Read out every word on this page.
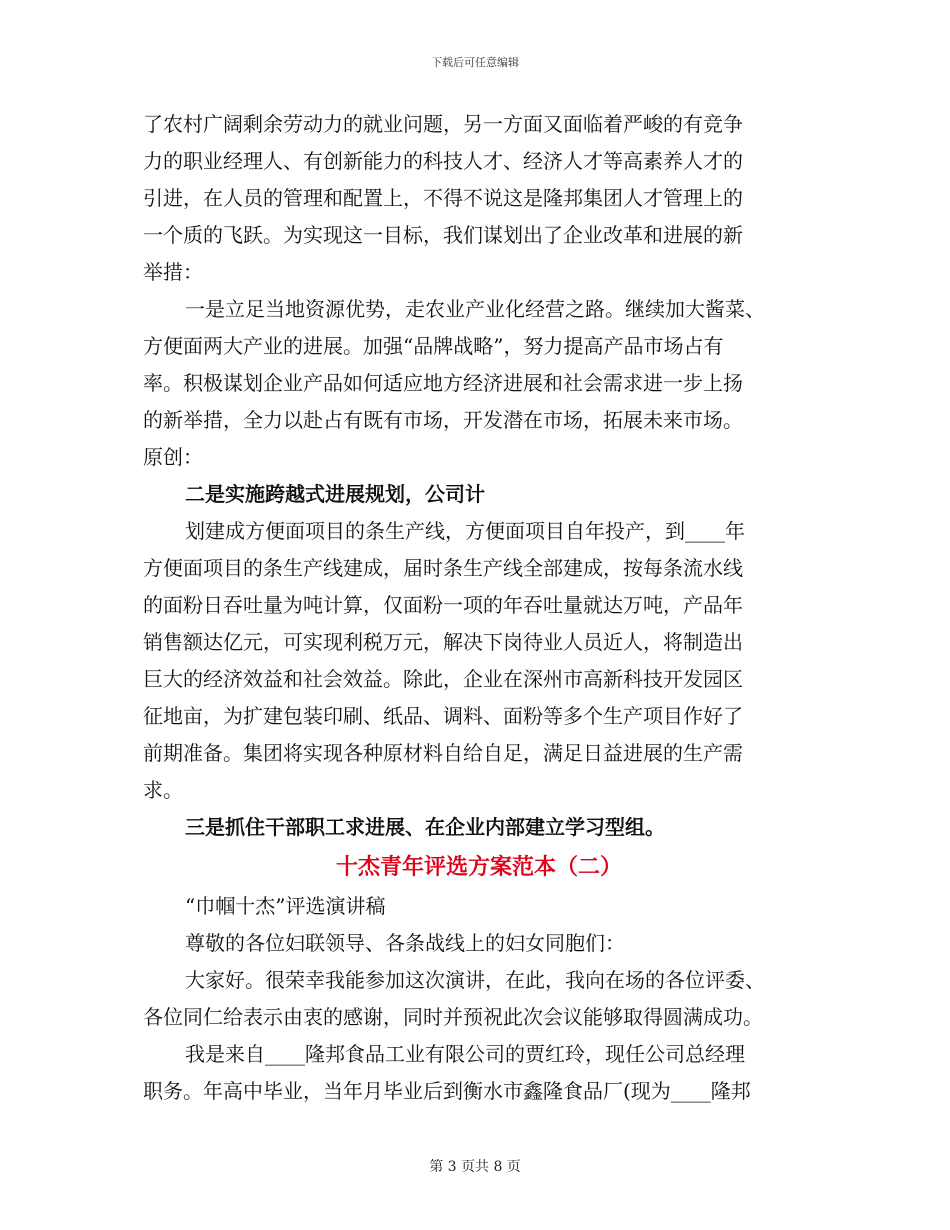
下载后可任意编辑
了农村广阔剩余劳动力的就业问题，另一方面又面临着严峻的有竞争
力的职业经理人、有创新能力的科技人才、经济人才等高素养人才的
引进，在人员的管理和配置上，不得不说这是隆邦集团人才管理上的
一个质的飞跃。为实现这一目标，我们谋划出了企业改革和进展的新
举措：
一是立足当地资源优势，走农业产业化经营之路。继续加大酱菜、
方便面两大产业的进展。加强“品牌战略”，努力提高产品市场占有
率。积极谋划企业产品如何适应地方经济进展和社会需求进一步上扬
的新举措，全力以赴占有既有市场，开发潜在市场，拓展未来市场。
原创：
二是实施跨越式进展规划，公司计
划建成方便面项目的条生产线，方便面项目自年投产，到____年
方便面项目的条生产线建成，届时条生产线全部建成，按每条流水线
的面粉日吞吐量为吨计算，仅面粉一项的年吞吐量就达万吨，产品年
销售额达亿元，可实现利税万元，解决下岗待业人员近人，将制造出
巨大的经济效益和社会效益。除此，企业在深州市高新科技开发园区
征地亩，为扩建包装印刷、纸品、调料、面粉等多个生产项目作好了
前期准备。集团将实现各种原材料自给自足，满足日益进展的生产需
求。
三是抓住干部职工求进展、在企业内部建立学习型组。
十杰青年评选方案范本（二）
“巾帼十杰”评选演讲稿
尊敬的各位妇联领导、各条战线上的妇女同胞们：
大家好。很荣幸我能参加这次演讲，在此，我向在场的各位评委、
各位同仁给表示由衷的感谢，同时并预祝此次会议能够取得圆满成功。
我是来自____隆邦食品工业有限公司的贾红玲，现任公司总经理
职务。年高中毕业，当年月毕业后到衡水市鑫隆食品厂(现为____隆邦
第 3 页共 8 页
